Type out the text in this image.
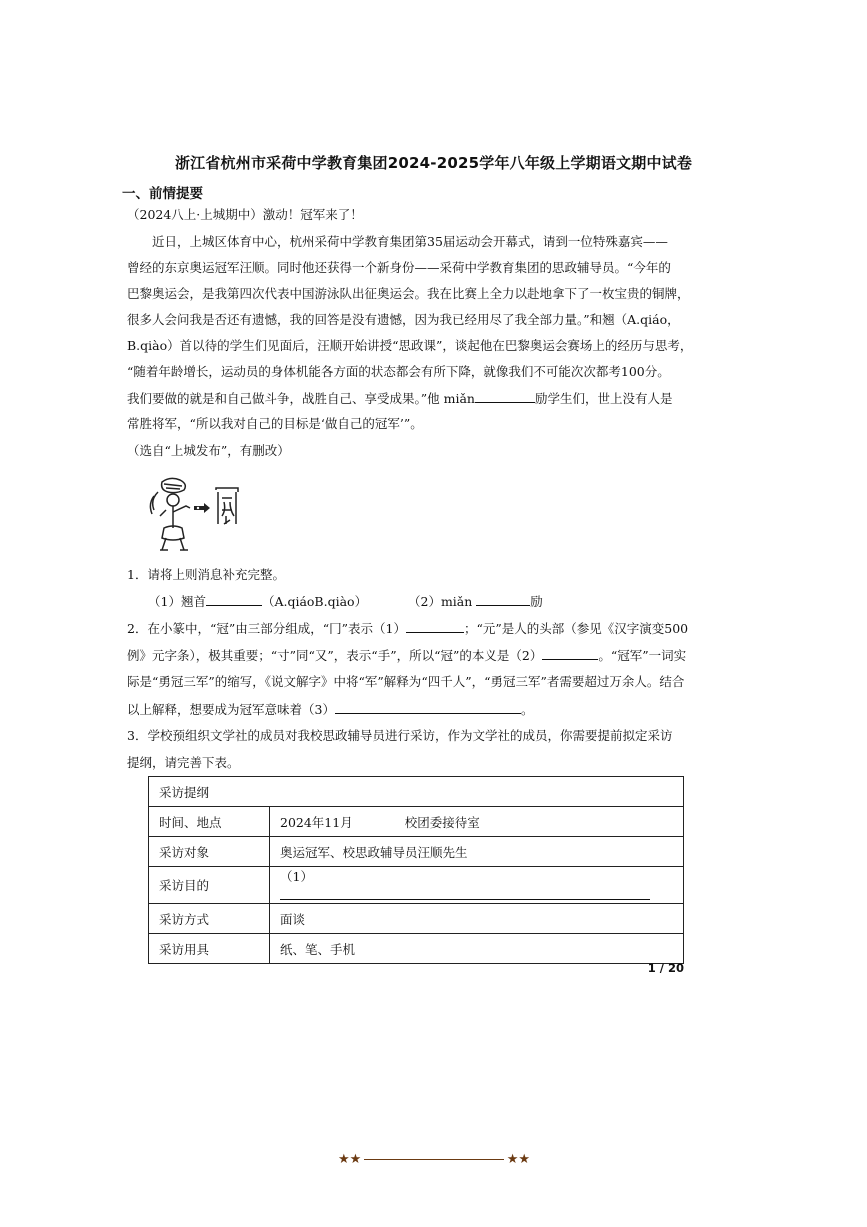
浙江省杭州市采荷中学教育集团2024-2025学年八年级上学期语文期中试卷
一、前情提要
（2024八上·上城期中）激动！冠军来了！
近日，上城区体育中心，杭州采荷中学教育集团第35届运动会开幕式，请到一位特殊嘉宾——
曾经的东京奥运冠军汪顺。同时他还获得一个新身份——采荷中学教育集团的思政辅导员。“今年的
巴黎奥运会，是我第四次代表中国游泳队出征奥运会。我在比赛上全力以赴地拿下了一枚宝贵的铜牌，
很多人会问我是否还有遗憾，我的回答是没有遗憾，因为我已经用尽了我全部力量。”和翘（A.qiáo，
B.qiào）首以待的学生们见面后，汪顺开始讲授“思政课”，谈起他在巴黎奥运会赛场上的经历与思考，
“随着年龄增长，运动员的身体机能各方面的状态都会有所下降，就像我们不可能次次都考100分。
我们要做的就是和自己做斗争，战胜自己、享受成果。”他 miǎn	励学生们，世上没有人是
常胜将军，“所以我对自己的目标是‘做自己的冠军’”。
（选自“上城发布”，有删改）
1．请将上则消息补充完整。
（1）翘首	（A.qiáoB.qiào）	（2）miǎn	励
2．在小篆中，“冠”由三部分组成，“冂”表示（1）	；“元”是人的头部（参见《汉字演变500
例》元字条），极其重要；“寸”同“又”，表示“手”，所以“冠”的本义是（2）	。“冠军”一词实
际是“勇冠三军”的缩写，《说文解字》中将“军”解释为“四千人”，“勇冠三军”者需要超过万余人。结合
以上解释，想要成为冠军意味着（3）	。
3．学校预组织文学社的成员对我校思政辅导员进行采访，作为文学社的成员，你需要提前拟定采访
提纲，请完善下表。
采访提纲	
时间、地点	2024年11月 校团委接待室
采访对象	奥运冠军、校思政辅导员汪顺先生
采访目的	（1）
采访方式	面谈
采访用具	纸、笔、手机
1 / 20
★★	★★
